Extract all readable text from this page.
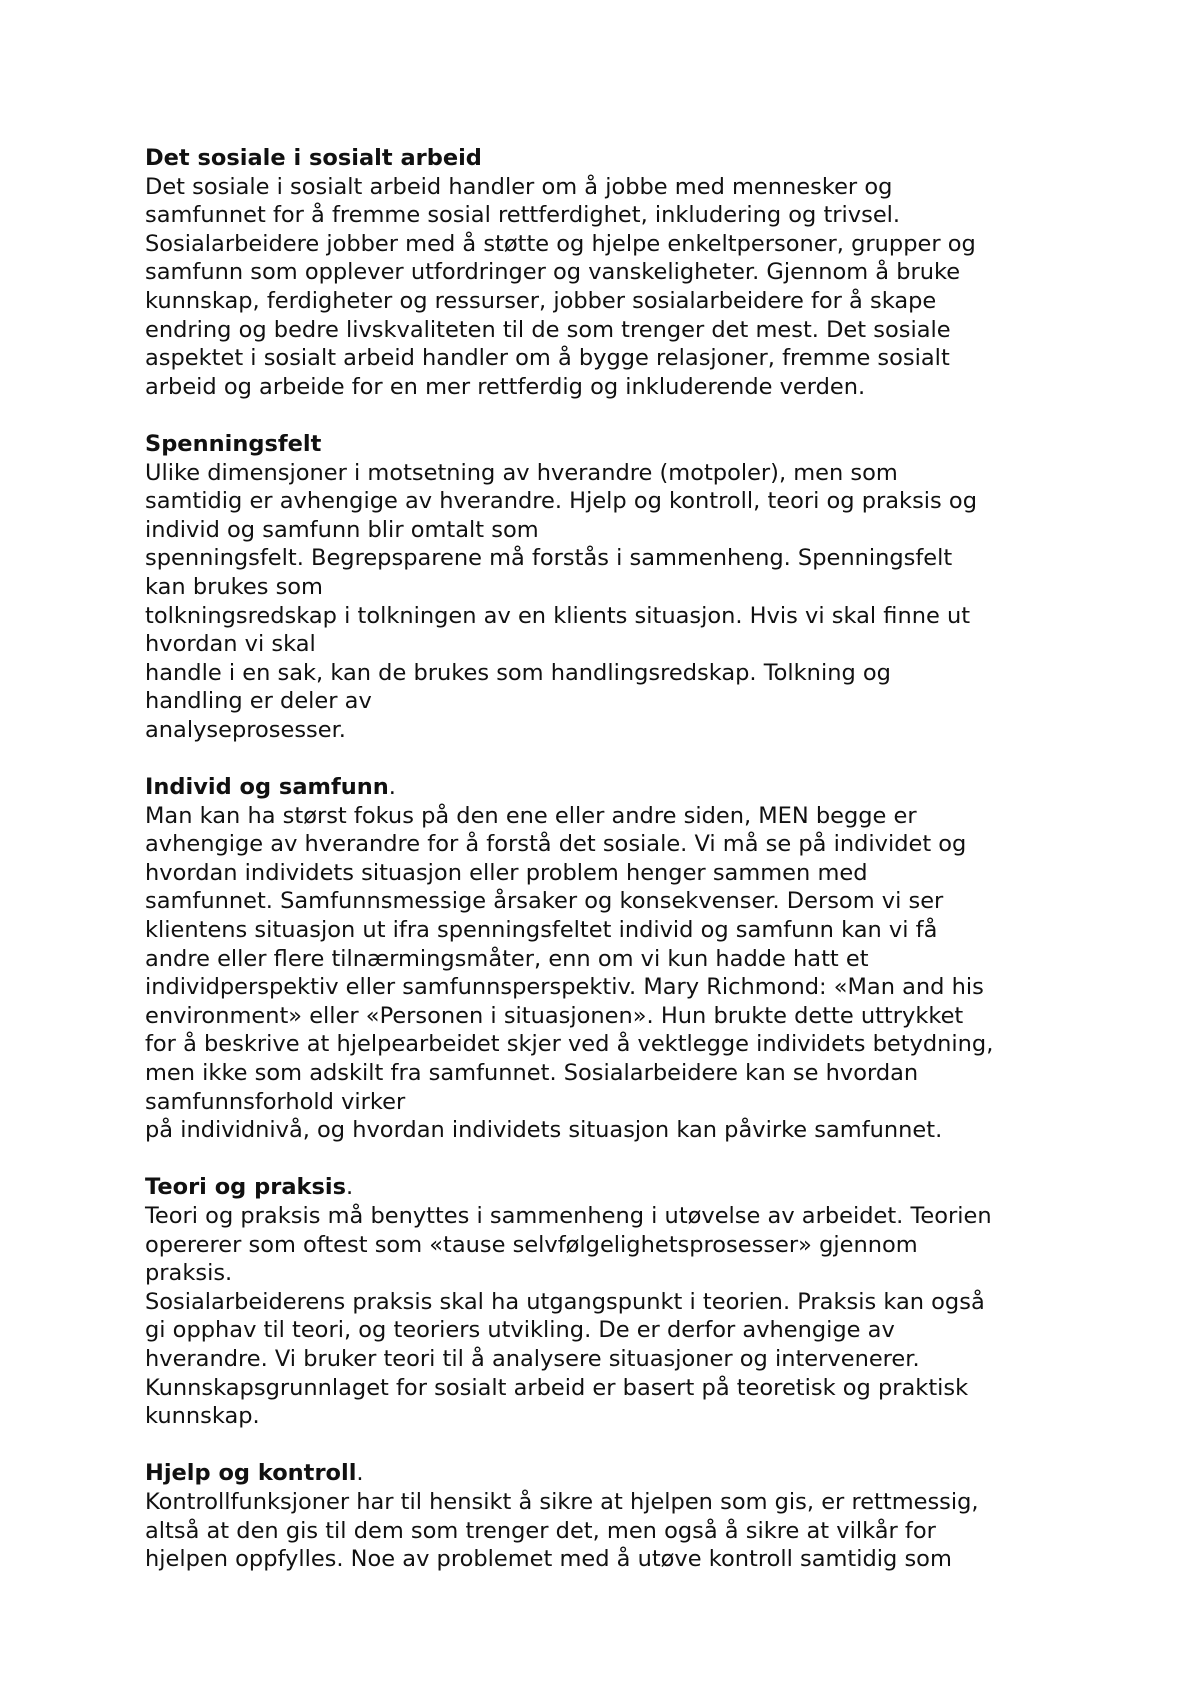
Det sosiale i sosialt arbeid
Det sosiale i sosialt arbeid handler om å jobbe med mennesker og
samfunnet for å fremme sosial rettferdighet, inkludering og trivsel.
Sosialarbeidere jobber med å støtte og hjelpe enkeltpersoner, grupper og
samfunn som opplever utfordringer og vanskeligheter. Gjennom å bruke
kunnskap, ferdigheter og ressurser, jobber sosialarbeidere for å skape
endring og bedre livskvaliteten til de som trenger det mest. Det sosiale
aspektet i sosialt arbeid handler om å bygge relasjoner, fremme sosialt
arbeid og arbeide for en mer rettferdig og inkluderende verden.
Spenningsfelt
Ulike dimensjoner i motsetning av hverandre (motpoler), men som
samtidig er avhengige av hverandre. Hjelp og kontroll, teori og praksis og
individ og samfunn blir omtalt som
spenningsfelt. Begrepsparene må forstås i sammenheng. Spenningsfelt
kan brukes som
tolkningsredskap i tolkningen av en klients situasjon. Hvis vi skal finne ut
hvordan vi skal
handle i en sak, kan de brukes som handlingsredskap. Tolkning og
handling er deler av
analyseprosesser.
Individ og samfunn.
Man kan ha størst fokus på den ene eller andre siden, MEN begge er
avhengige av hverandre for å forstå det sosiale. Vi må se på individet og
hvordan individets situasjon eller problem henger sammen med
samfunnet. Samfunnsmessige årsaker og konsekvenser. Dersom vi ser
klientens situasjon ut ifra spenningsfeltet individ og samfunn kan vi få
andre eller flere tilnærmingsmåter, enn om vi kun hadde hatt et
individperspektiv eller samfunnsperspektiv. Mary Richmond: «Man and his
environment» eller «Personen i situasjonen». Hun brukte dette uttrykket
for å beskrive at hjelpearbeidet skjer ved å vektlegge individets betydning,
men ikke som adskilt fra samfunnet. Sosialarbeidere kan se hvordan
samfunnsforhold virker
på individnivå, og hvordan individets situasjon kan påvirke samfunnet.
Teori og praksis.
Teori og praksis må benyttes i sammenheng i utøvelse av arbeidet. Teorien
opererer som oftest som «tause selvfølgelighetsprosesser» gjennom
praksis.
Sosialarbeiderens praksis skal ha utgangspunkt i teorien. Praksis kan også
gi opphav til teori, og teoriers utvikling. De er derfor avhengige av
hverandre. Vi bruker teori til å analysere situasjoner og intervenerer.
Kunnskapsgrunnlaget for sosialt arbeid er basert på teoretisk og praktisk
kunnskap.
Hjelp og kontroll.
Kontrollfunksjoner har til hensikt å sikre at hjelpen som gis, er rettmessig,
altså at den gis til dem som trenger det, men også å sikre at vilkår for
hjelpen oppfylles. Noe av problemet med å utøve kontroll samtidig som
